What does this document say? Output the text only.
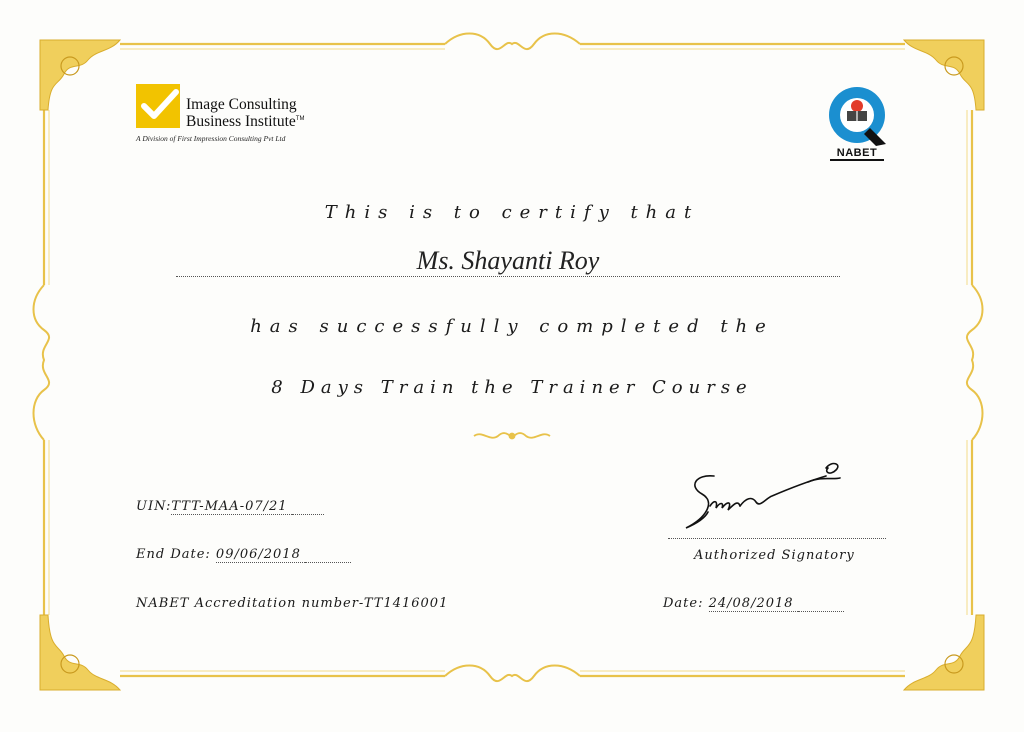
Image Consulting
Business Institute™
A Division of First Impression Consulting Pvt Ltd
NABET
This is to certify that
Ms. Shayanti Roy
has successfully completed the
8 Days Train the Trainer Course
UIN:TTT-MAA-07/21  
End Date: 09/06/2018   
NABET Accreditation number-TT1416001
Authorized Signatory
Date: 24/08/2018   
